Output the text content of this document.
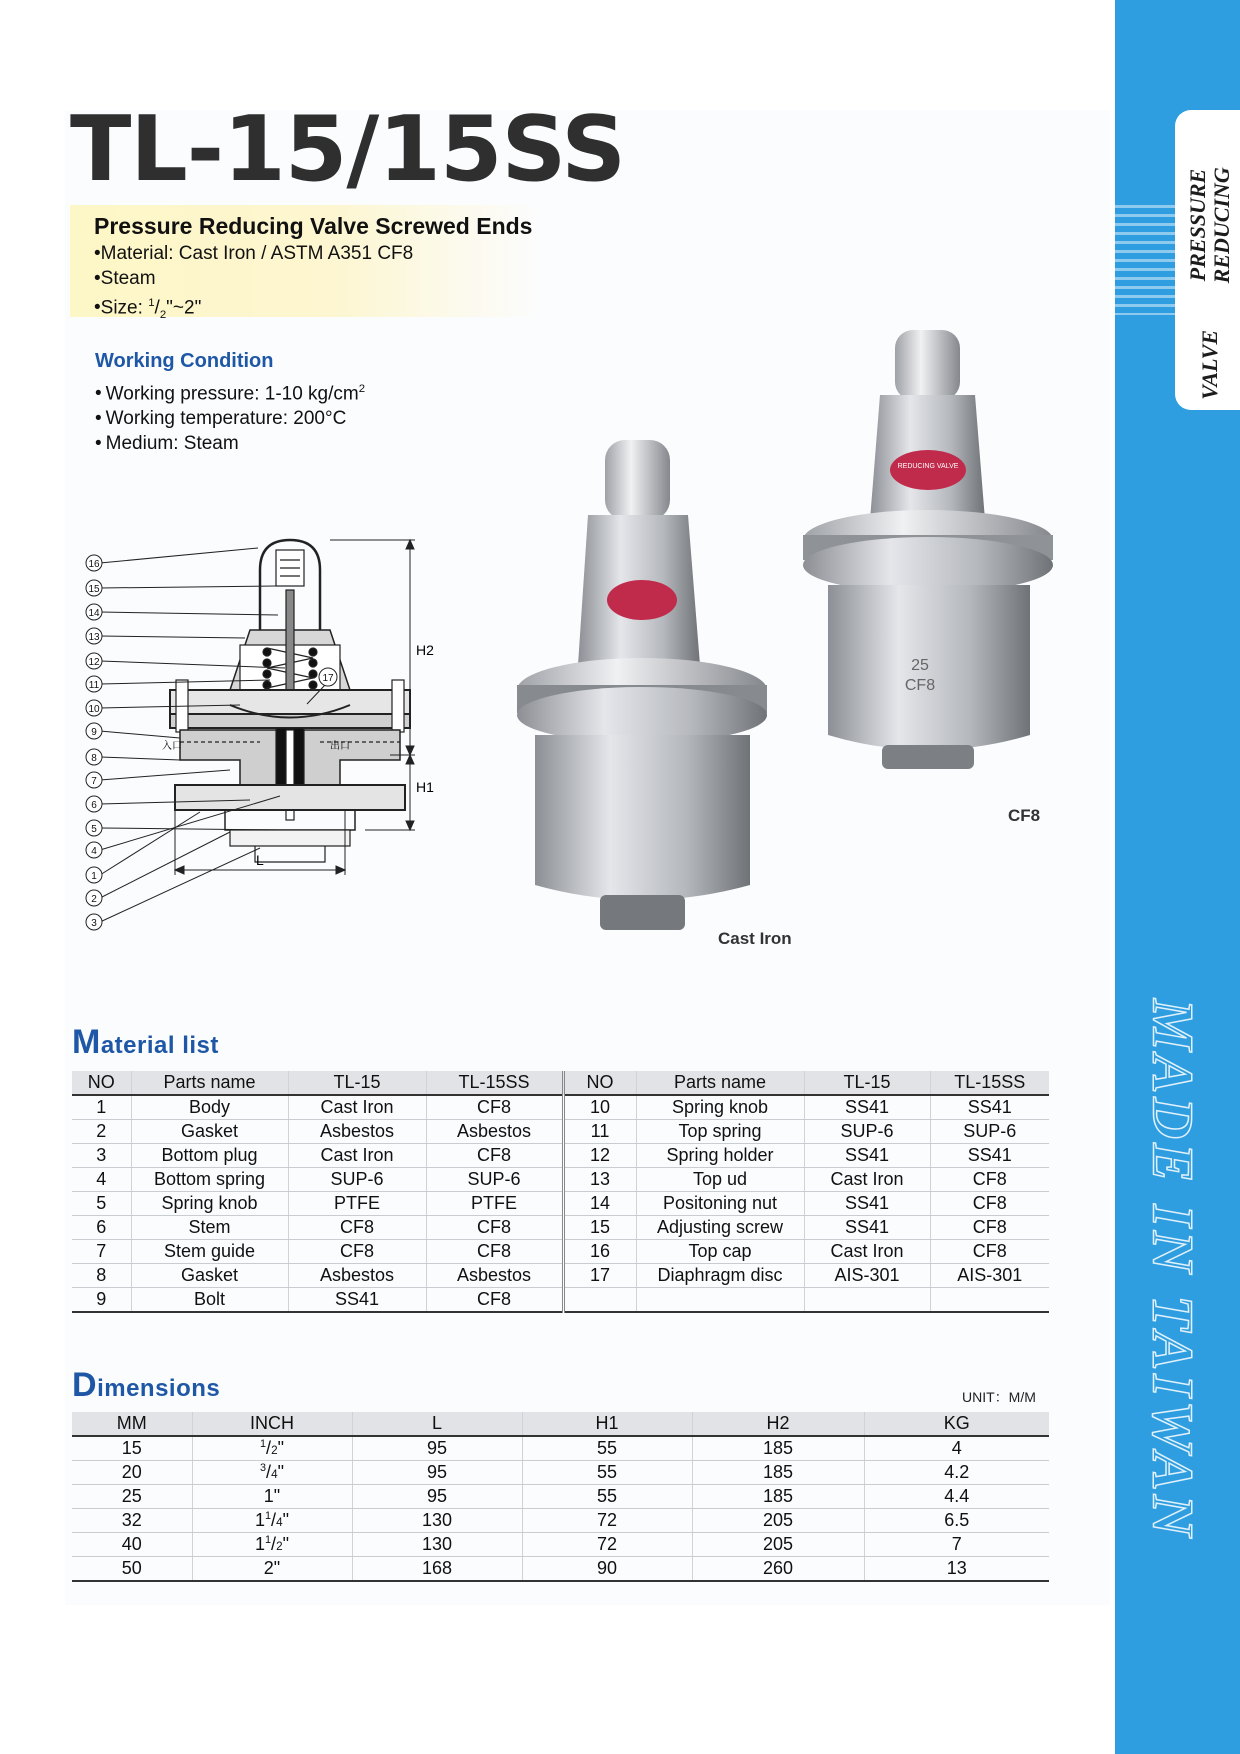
PRESSURE REDUCING
VALVE
MADE IN TAIWAN
TL-15/15SS
Pressure Reducing Valve Screwed Ends
• Material: Cast Iron / ASTM A351 CF8
• Steam
• Size: $^1/_2"\sim 2$"
Working Condition
• Working pressure: 1-10 $kg/cm^2$
• Working temperature: 200°C
• Medium: Steam
H2
H1
L
入口	出口
16
15
14
13
12
11
10
9
8
7
6
5
4
1
2
3
17
REDUCING VALVE
25
CF8
Cast Iron
CF8
Material list
NO	Parts name	TL-15	TL-15SS	NO	Parts name	TL-15	TL-15SS
1	Body	Cast Iron	CF8	10	Spring knob	SS41	SS41
2	Gasket	Asbestos	Asbestos	11	Top spring	SUP-6	SUP-6
3	Bottom plug	Cast Iron	CF8	12	Spring holder	SS41	SS41
4	Bottom spring	SUP-6	SUP-6	13	Top ud	Cast Iron	CF8
5	Spring knob	PTFE	PTFE	14	Positoning nut	SS41	CF8
6	Stem	CF8	CF8	15	Adjusting screw	SS41	CF8
7	Stem guide	CF8	CF8	16	Top cap	Cast Iron	CF8
8	Gasket	Asbestos	Asbestos	17	Diaphragm disc	AIS-301	AIS-301
9	Bolt	SS41	CF8				
Dimensions	UNIT：M/M
MM	INCH	L	H1	H2	KG
15	$^1$/2"	95	55	185	4
20	$^3$/4"	95	55	185	4.2
25	1"	95	55	185	4.4
32	$1^1/4$"	130	72	205	6.5
40	$1^1/2$"	130	72	205	7
50	2"	168	90	260	13
